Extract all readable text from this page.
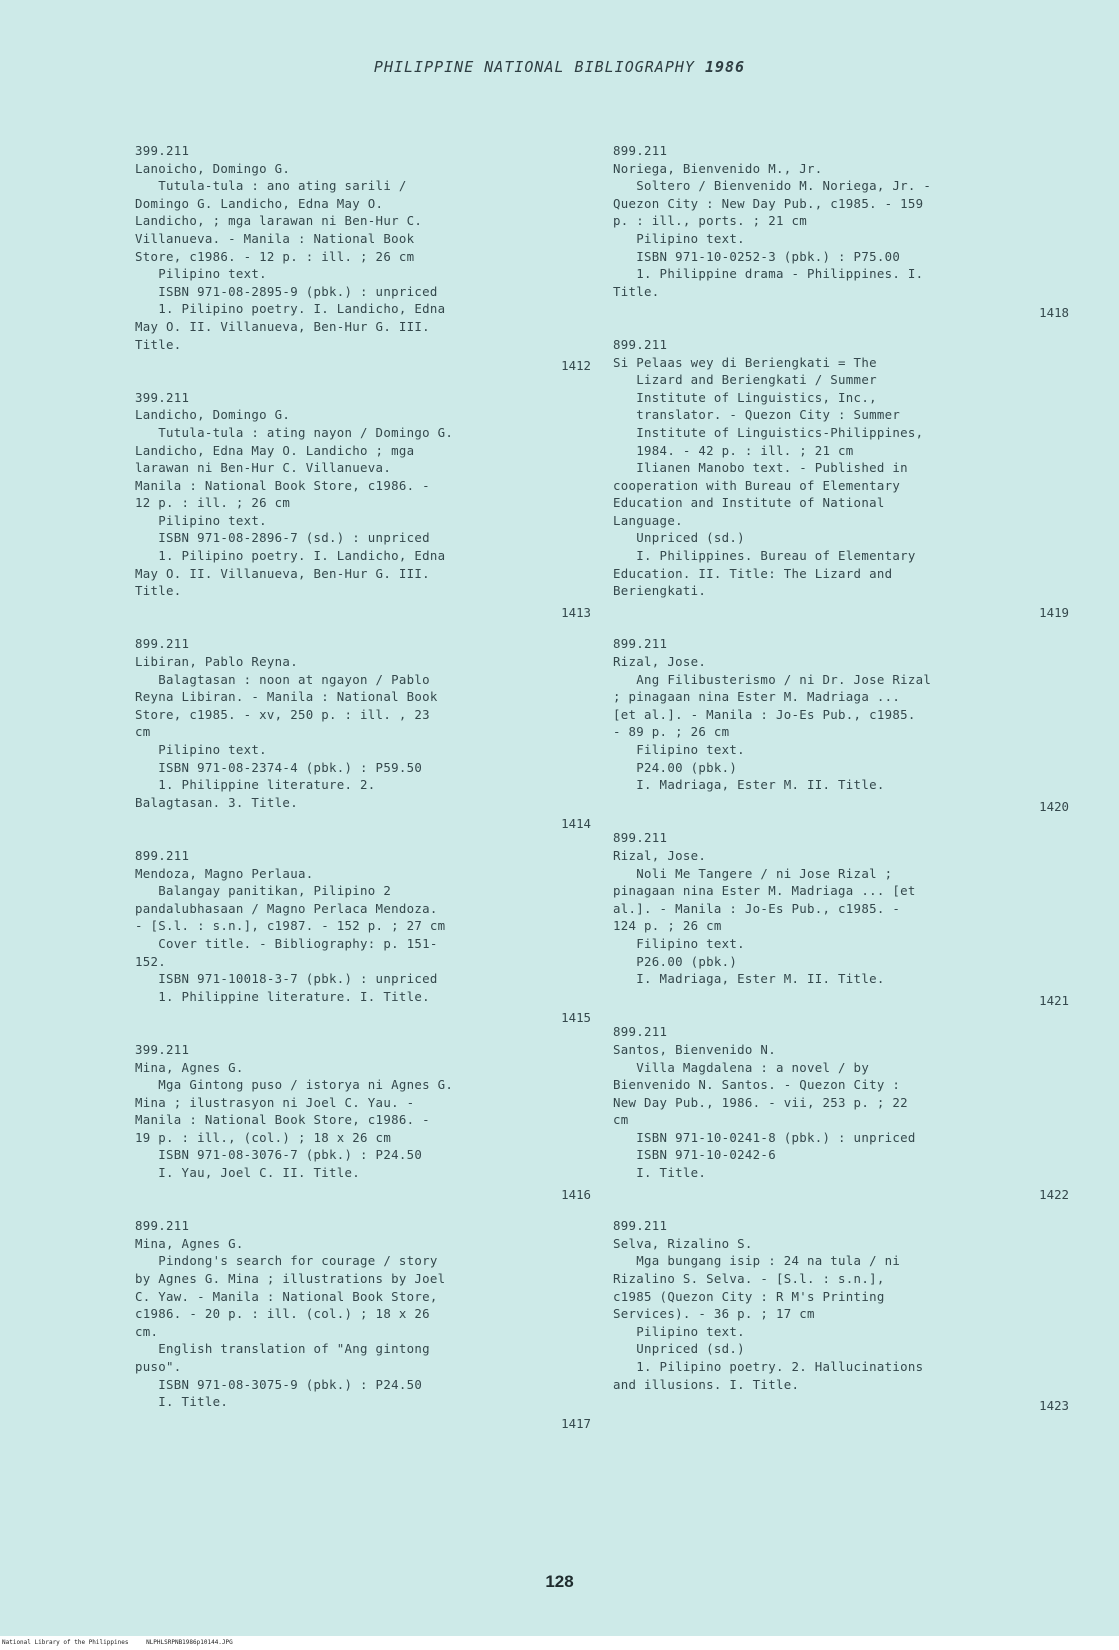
PHILIPPINE NATIONAL BIBLIOGRAPHY 1986
399.211
Lanoicho, Domingo G.
Tutula-tula : ano ating sarili /
Domingo G. Landicho, Edna May O.
Landicho, ; mga larawan ni Ben-Hur C.
Villanueva. - Manila : National Book
Store, c1986. - 12 p. : ill. ; 26 cm
Pilipino text.
ISBN 971-08-2895-9 (pbk.) : unpriced
1. Pilipino poetry. I. Landicho, Edna
May O. II. Villanueva, Ben-Hur G. III.
Title.
1412
399.211
Landicho, Domingo G.
Tutula-tula : ating nayon / Domingo G.
Landicho, Edna May O. Landicho ; mga
larawan ni Ben-Hur C. Villanueva.
Manila : National Book Store, c1986. -
12 p. : ill. ; 26 cm
Pilipino text.
ISBN 971-08-2896-7 (sd.) : unpriced
1. Pilipino poetry. I. Landicho, Edna
May O. II. Villanueva, Ben-Hur G. III.
Title.
1413
899.211
Libiran, Pablo Reyna.
Balagtasan : noon at ngayon / Pablo
Reyna Libiran. - Manila : National Book
Store, c1985. - xv, 250 p. : ill. , 23
cm
Pilipino text.
ISBN 971-08-2374-4 (pbk.) : P59.50
1. Philippine literature. 2.
Balagtasan. 3. Title.
1414
899.211
Mendoza, Magno Perlaua.
Balangay panitikan, Pilipino 2
pandalubhasaan / Magno Perlaca Mendoza.
- [S.l. : s.n.], c1987. - 152 p. ; 27 cm
Cover title. - Bibliography: p. 151-
152.
ISBN 971-10018-3-7 (pbk.) : unpriced
1. Philippine literature. I. Title.
1415
399.211
Mina, Agnes G.
Mga Gintong puso / istorya ni Agnes G.
Mina ; ilustrasyon ni Joel C. Yau. -
Manila : National Book Store, c1986. -
19 p. : ill., (col.) ; 18 x 26 cm
ISBN 971-08-3076-7 (pbk.) : P24.50
I. Yau, Joel C. II. Title.
1416
899.211
Mina, Agnes G.
Pindong's search for courage / story
by Agnes G. Mina ; illustrations by Joel
C. Yaw. - Manila : National Book Store,
c1986. - 20 p. : ill. (col.) ; 18 x 26
cm.
English translation of "Ang gintong
puso".
ISBN 971-08-3075-9 (pbk.) : P24.50
I. Title.
1417
899.211
Noriega, Bienvenido M., Jr.
Soltero / Bienvenido M. Noriega, Jr. -
Quezon City : New Day Pub., c1985. - 159
p. : ill., ports. ; 21 cm
Pilipino text.
ISBN 971-10-0252-3 (pbk.) : P75.00
1. Philippine drama - Philippines. I.
Title.
1418
899.211
Si Pelaas wey di Beriengkati = The
Lizard and Beriengkati / Summer
Institute of Linguistics, Inc.,
translator. - Quezon City : Summer
Institute of Linguistics-Philippines,
1984. - 42 p. : ill. ; 21 cm
Ilianen Manobo text. - Published in
cooperation with Bureau of Elementary
Education and Institute of National
Language.
Unpriced (sd.)
I. Philippines. Bureau of Elementary
Education. II. Title: The Lizard and
Beriengkati.
1419
899.211
Rizal, Jose.
Ang Filibusterismo / ni Dr. Jose Rizal
; pinagaan nina Ester M. Madriaga ...
[et al.]. - Manila : Jo-Es Pub., c1985.
- 89 p. ; 26 cm
Filipino text.
P24.00 (pbk.)
I. Madriaga, Ester M. II. Title.
1420
899.211
Rizal, Jose.
Noli Me Tangere / ni Jose Rizal ;
pinagaan nina Ester M. Madriaga ... [et
al.]. - Manila : Jo-Es Pub., c1985. -
124 p. ; 26 cm
Filipino text.
P26.00 (pbk.)
I. Madriaga, Ester M. II. Title.
1421
899.211
Santos, Bienvenido N.
Villa Magdalena : a novel / by
Bienvenido N. Santos. - Quezon City :
New Day Pub., 1986. - vii, 253 p. ; 22
cm
ISBN 971-10-0241-8 (pbk.) : unpriced
ISBN 971-10-0242-6
I. Title.
1422
899.211
Selva, Rizalino S.
Mga bungang isip : 24 na tula / ni
Rizalino S. Selva. - [S.l. : s.n.],
c1985 (Quezon City : R M's Printing
Services). - 36 p. ; 17 cm
Pilipino text.
Unpriced (sd.)
1. Pilipino poetry. 2. Hallucinations
and illusions. I. Title.
1423
128
National Library of the Philippines	NLPHLSRPNB1986p10144.JPG
